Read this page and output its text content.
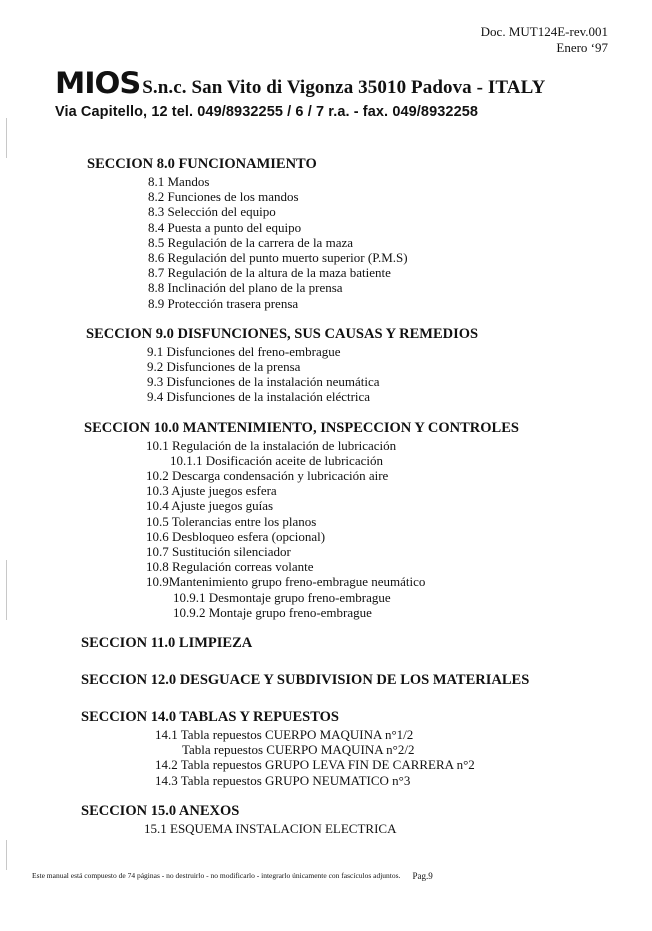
Doc. MUT124E-rev.001
Enero ‘97
MIOS S.n.c. San Vito di Vigonza 35010 Padova - ITALY
Via Capitello, 12 tel. 049/8932255 / 6 / 7 r.a. - fax. 049/8932258
SECCION 8.0 FUNCIONAMIENTO
8.1 Mandos
8.2 Funciones de los mandos
8.3 Selección del equipo
8.4 Puesta a punto del equipo
8.5 Regulación de la carrera de la maza
8.6 Regulación del punto muerto superior (P.M.S)
8.7 Regulación de la altura de la maza batiente
8.8 Inclinación del plano de la prensa
8.9 Protección trasera prensa
SECCION 9.0 DISFUNCIONES, SUS CAUSAS Y REMEDIOS
9.1 Disfunciones del freno-embrague
9.2 Disfunciones de la prensa
9.3 Disfunciones de la instalación neumática
9.4 Disfunciones de la instalación eléctrica
SECCION 10.0 MANTENIMIENTO, INSPECCION Y CONTROLES
10.1 Regulación de la instalación de lubricación
10.1.1 Dosificación aceite de lubricación
10.2 Descarga condensación y lubricación aire
10.3 Ajuste juegos esfera
10.4 Ajuste juegos guías
10.5 Tolerancias entre los planos
10.6 Desbloqueo esfera (opcional)
10.7 Sustitución silenciador
10.8 Regulación correas volante
10.9Mantenimiento grupo freno-embrague neumático
10.9.1 Desmontaje grupo freno-embrague
10.9.2 Montaje grupo freno-embrague
SECCION 11.0 LIMPIEZA
SECCION 12.0 DESGUACE Y SUBDIVISION DE LOS MATERIALES
SECCION 14.0 TABLAS Y REPUESTOS
14.1 Tabla repuestos CUERPO MAQUINA n°1/2
Tabla repuestos CUERPO MAQUINA n°2/2
14.2 Tabla repuestos GRUPO LEVA FIN DE CARRERA n°2
14.3 Tabla repuestos GRUPO NEUMATICO n°3
SECCION 15.0 ANEXOS
15.1 ESQUEMA INSTALACION ELECTRICA
Este manual está compuesto de 74 páginas - no destruirlo - no modificarlo - integrarlo únicamente con fascículos adjuntos. Pag.9
